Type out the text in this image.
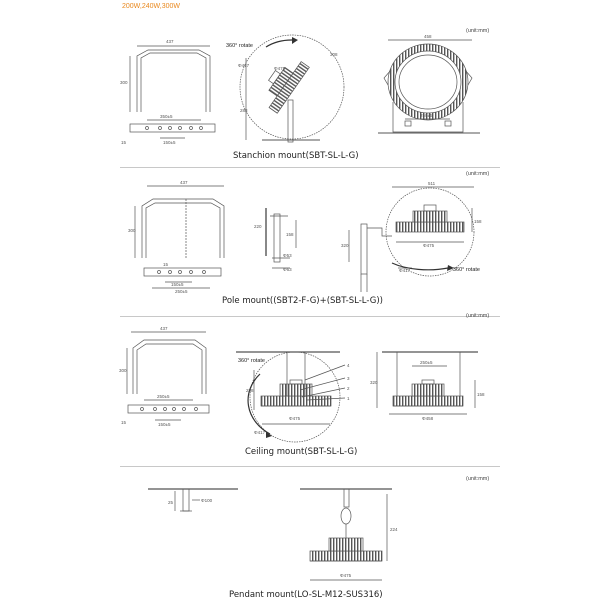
200W,240W,300W
(unit:mm)
(unit:mm)
(unit:mm)
(unit:mm)
Stanchion mount(SBT-SL-L-G)
Pole mount((SBT2-F-G)+(SBT-SL-L-G))
Ceiling mount(SBT-SL-L-G)
Pendant mount(LO-SL-M12-SUS316)
360° rotate
360° rotate
360° rotate
437
300
350±5
150±5
15
Φ417
Φ475
288
308
458
250±5
437
300
150±5
250±5
15
220
158
Φ53
Φ63
511
158
Φ475
Φ417
320
437
300
250±5
150±5
15
288
Φ475
Φ417
250±5
320
158
Φ458
4
3
2
1
Φ100
25
224
Φ475
